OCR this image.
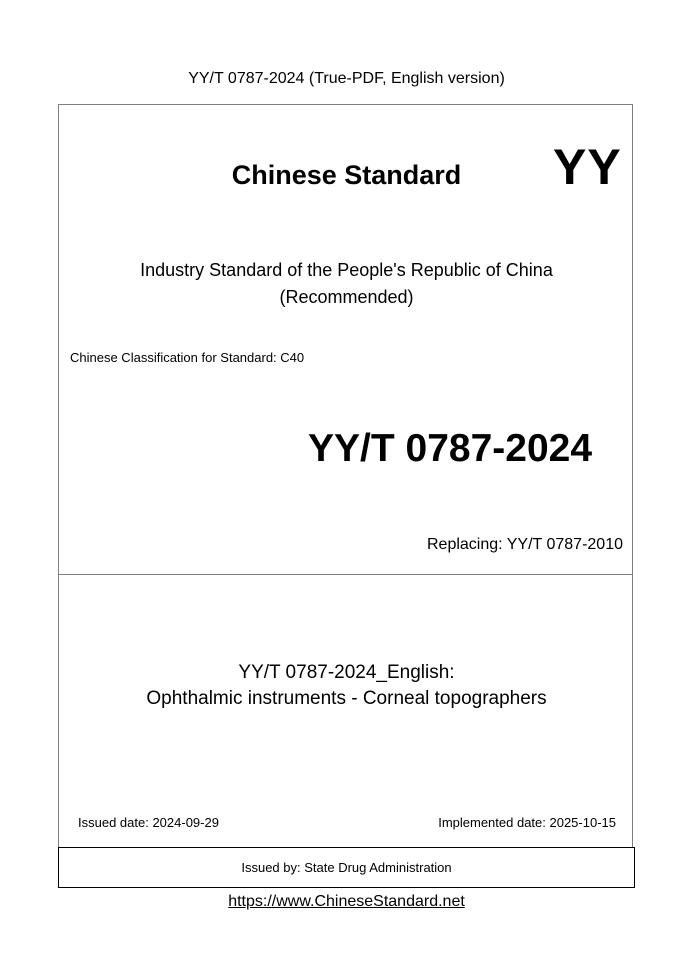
YY/T 0787-2024 (True-PDF, English version)
Chinese Standard	YY
Industry Standard of the People's Republic of China
(Recommended)
Chinese Classification for Standard: C40
YY/T 0787-2024
Replacing: YY/T 0787-2010
YY/T 0787-2024_English:
Ophthalmic instruments - Corneal topographers
Issued date: 2024-09-29	Implemented date: 2025-10-15
Issued by: State Drug Administration
https://www.ChineseStandard.net
